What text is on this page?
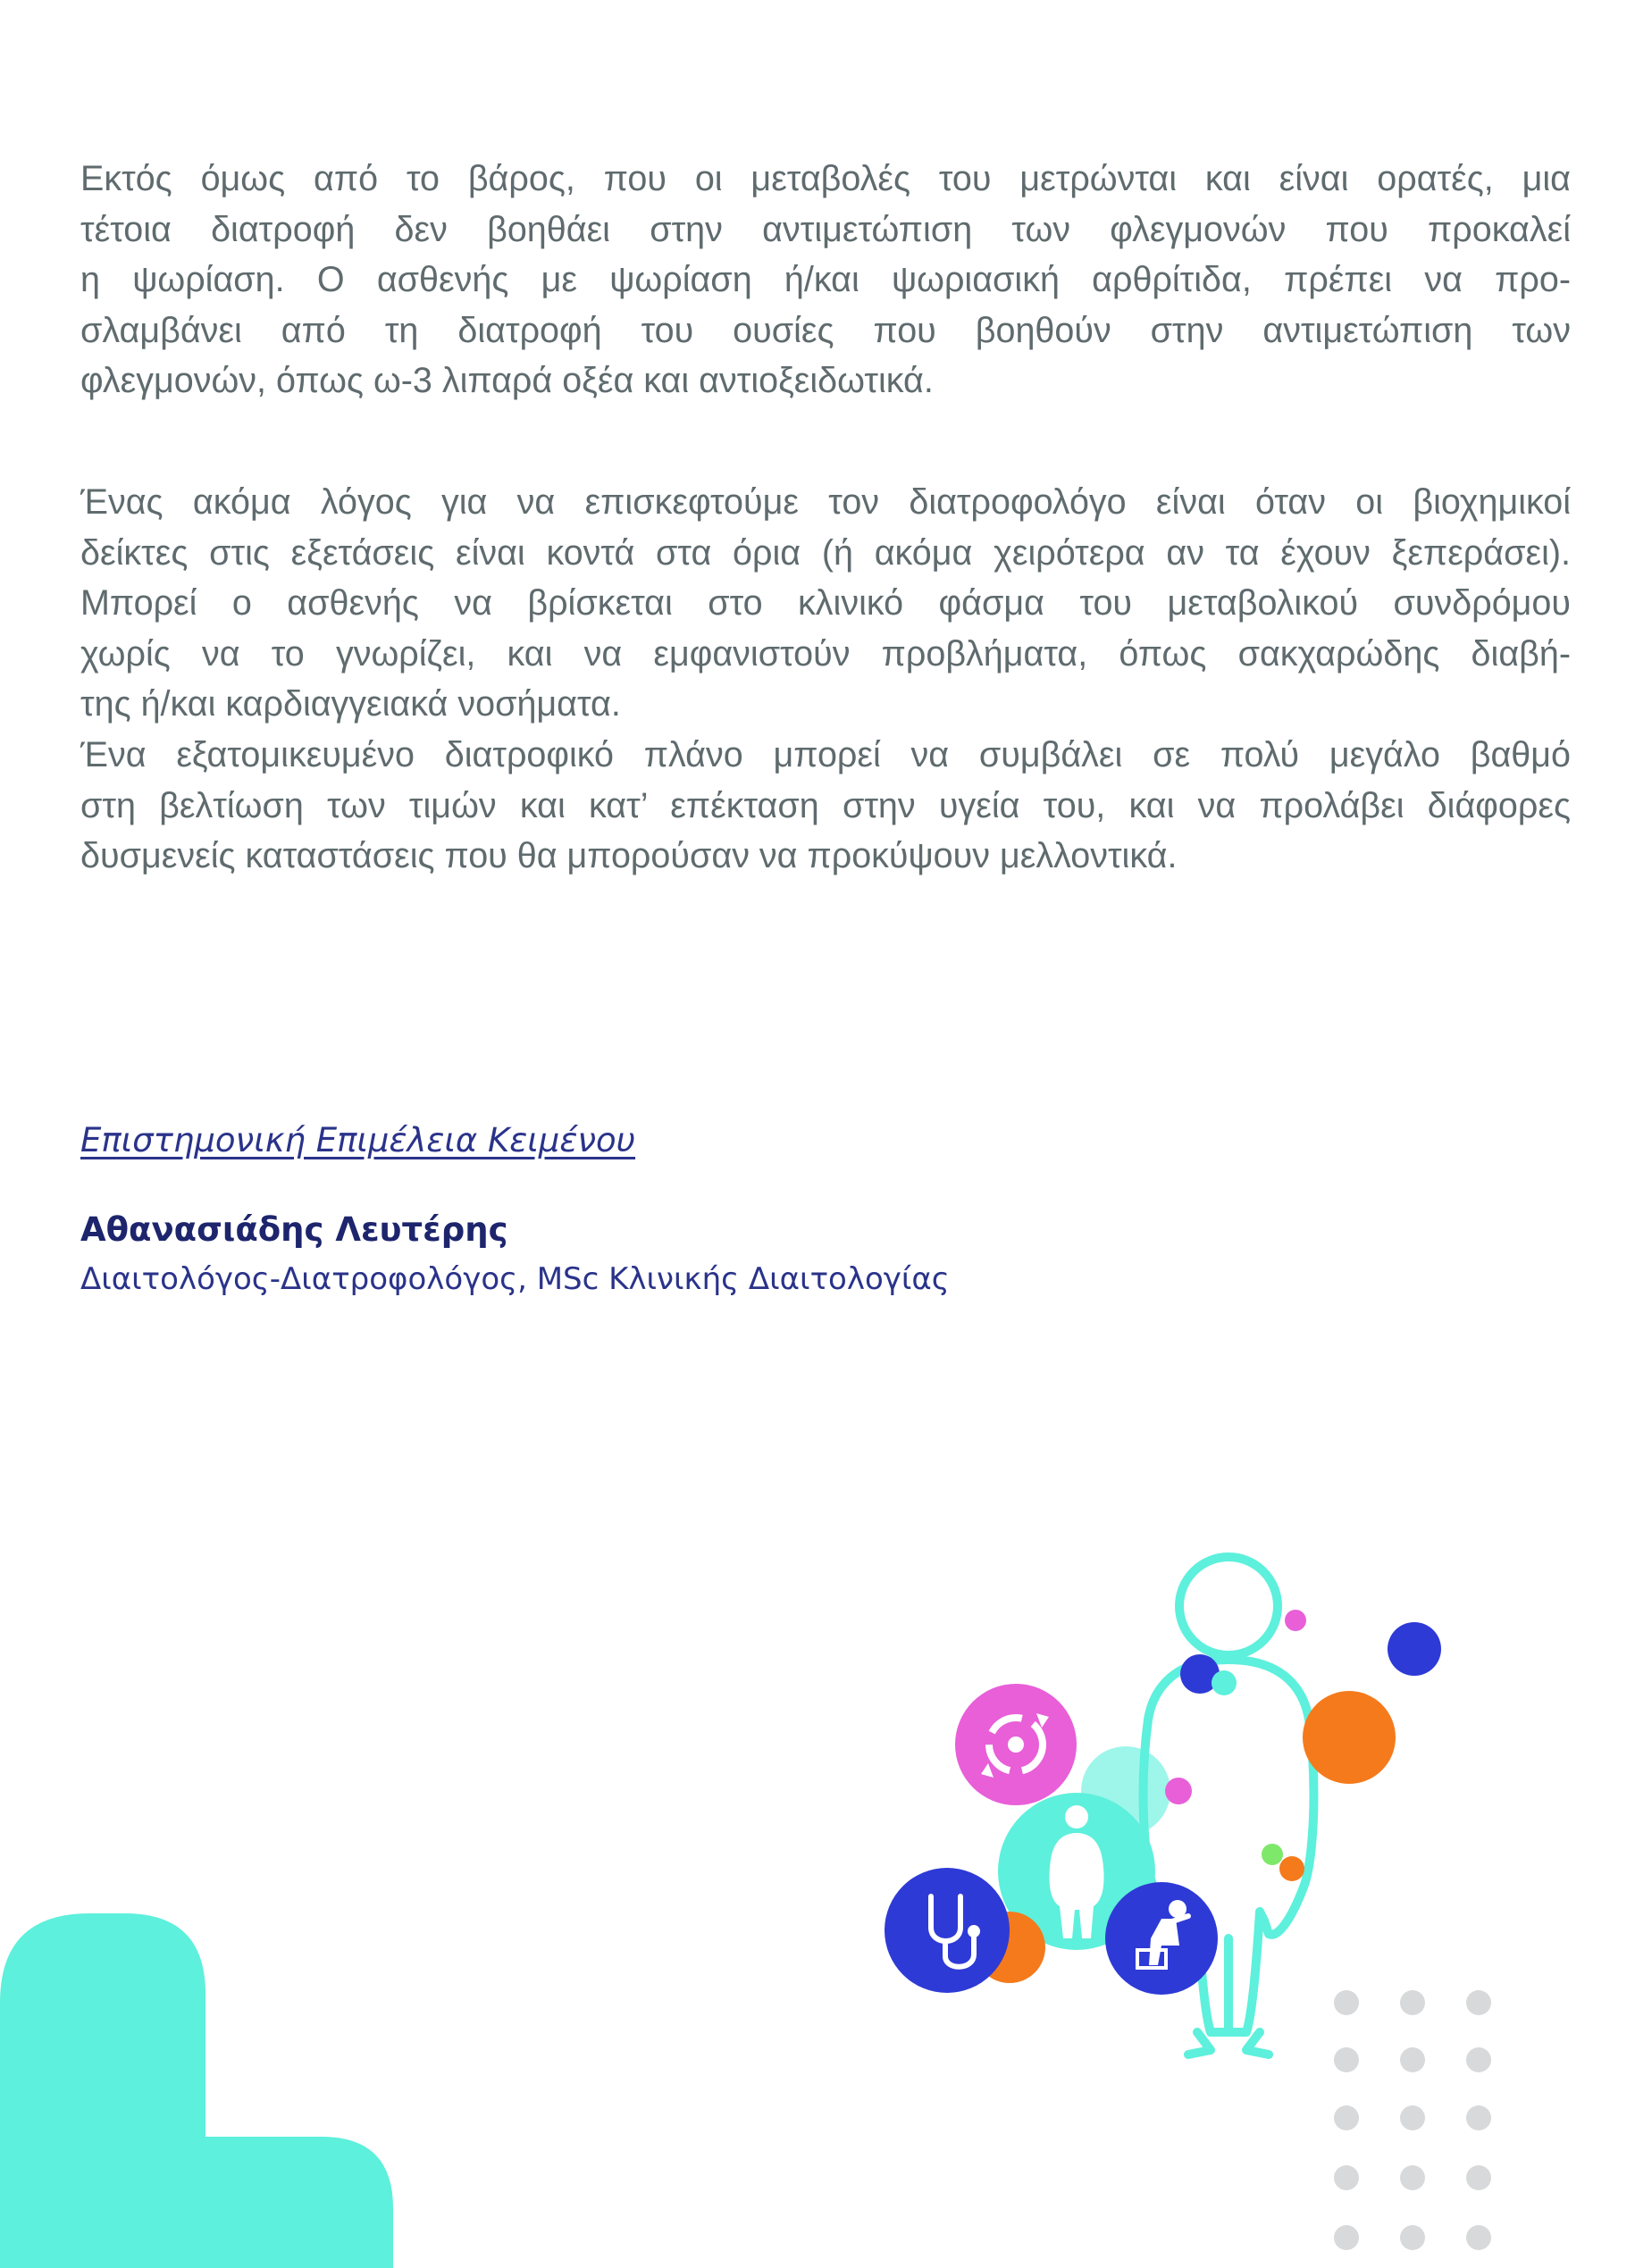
Εκτός όμως από το βάρος, που οι μεταβολές του μετρώνται και είναι ορατές, μια
τέτοια διατροφή δεν βοηθάει στην αντιμετώπιση των φλεγμονών που προκαλεί
η ψωρίαση. Ο ασθενής με ψωρίαση ή/και ψωριασική αρθρίτιδα, πρέπει να προ-
σλαμβάνει από τη διατροφή του ουσίες που βοηθούν στην αντιμετώπιση των
φλεγμονών, όπως ω-3 λιπαρά οξέα και αντιοξειδωτικά.

Ένας ακόμα λόγος για να επισκεφτούμε τον διατροφολόγο είναι όταν οι βιοχημικοί
δείκτες στις εξετάσεις είναι κοντά στα όρια (ή ακόμα χειρότερα αν τα έχουν ξεπεράσει).
Μπορεί ο ασθενής να βρίσκεται στο κλινικό φάσμα του μεταβολικού συνδρόμου
χωρίς να το γνωρίζει, και να εμφανιστούν προβλήματα, όπως σακχαρώδης διαβή-
της ή/και καρδιαγγειακά νοσήματα.

Ένα εξατομικευμένο διατροφικό πλάνο μπορεί να συμβάλει σε πολύ μεγάλο βαθμό
στη βελτίωση των τιμών και κατ’ επέκταση στην υγεία του, και να προλάβει διάφορες
δυσμενείς καταστάσεις που θα μπορούσαν να προκύψουν μελλοντικά.

Επιστημονική Επιμέλεια Κειμένου
Αθανασιάδης Λευτέρης
Διαιτολόγος-Διατροφολόγος, MSc Κλινικής Διαιτολογίας
